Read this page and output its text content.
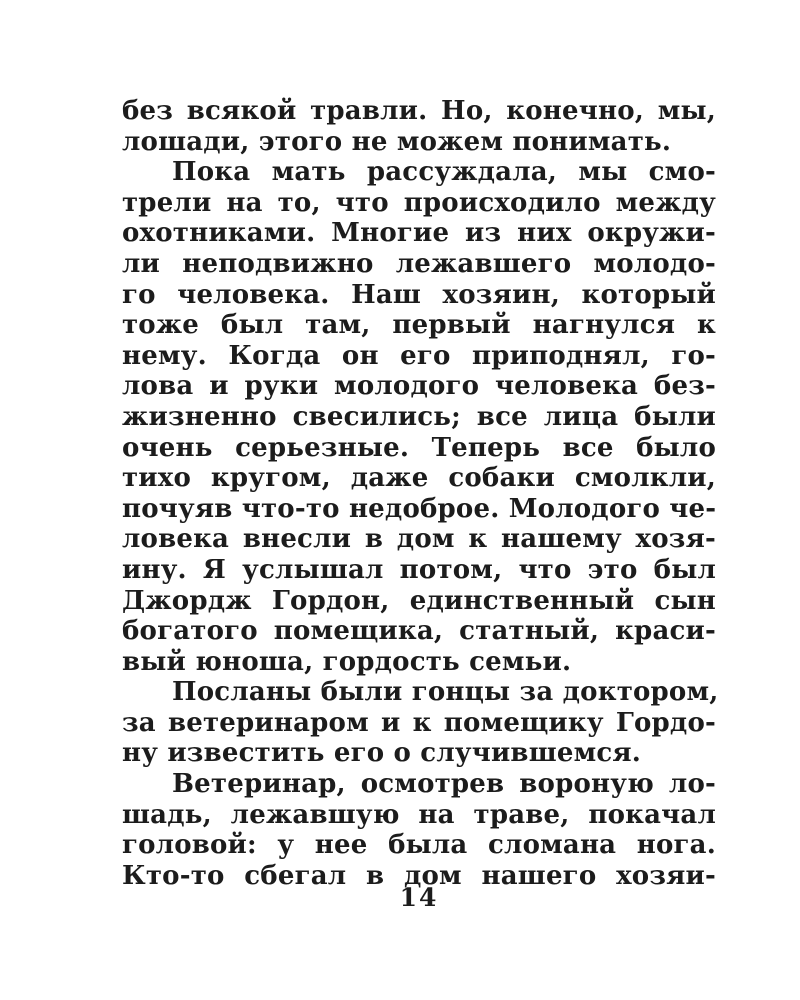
без всякой травли. Но, конечно, мы,
лошади, этого не можем понимать.
Пока мать рассуждала, мы смо-
трели на то, что происходило между
охотниками. Многие из них окружи-
ли неподвижно лежавшего молодо-
го человека. Наш хозяин, который
тоже был там, первый нагнулся к
нему. Когда он его приподнял, го-
лова и руки молодого человека без-
жизненно свесились; все лица были
очень серьезные. Теперь все было
тихо кругом, даже собаки смолкли,
почуяв что-то недоброе. Молодого че-
ловека внесли в дом к нашему хозя-
ину. Я услышал потом, что это был
Джордж Гордон, единственный сын
богатого помещика, статный, краси-
вый юноша, гордость семьи.
Посланы были гонцы за доктором,
за ветеринаром и к помещику Гордо-
ну известить его о случившемся.
Ветеринар, осмотрев вороную ло-
шадь, лежавшую на траве, покачал
головой: у нее была сломана нога.
Кто-то сбегал в дом нашего хозяи-
14
